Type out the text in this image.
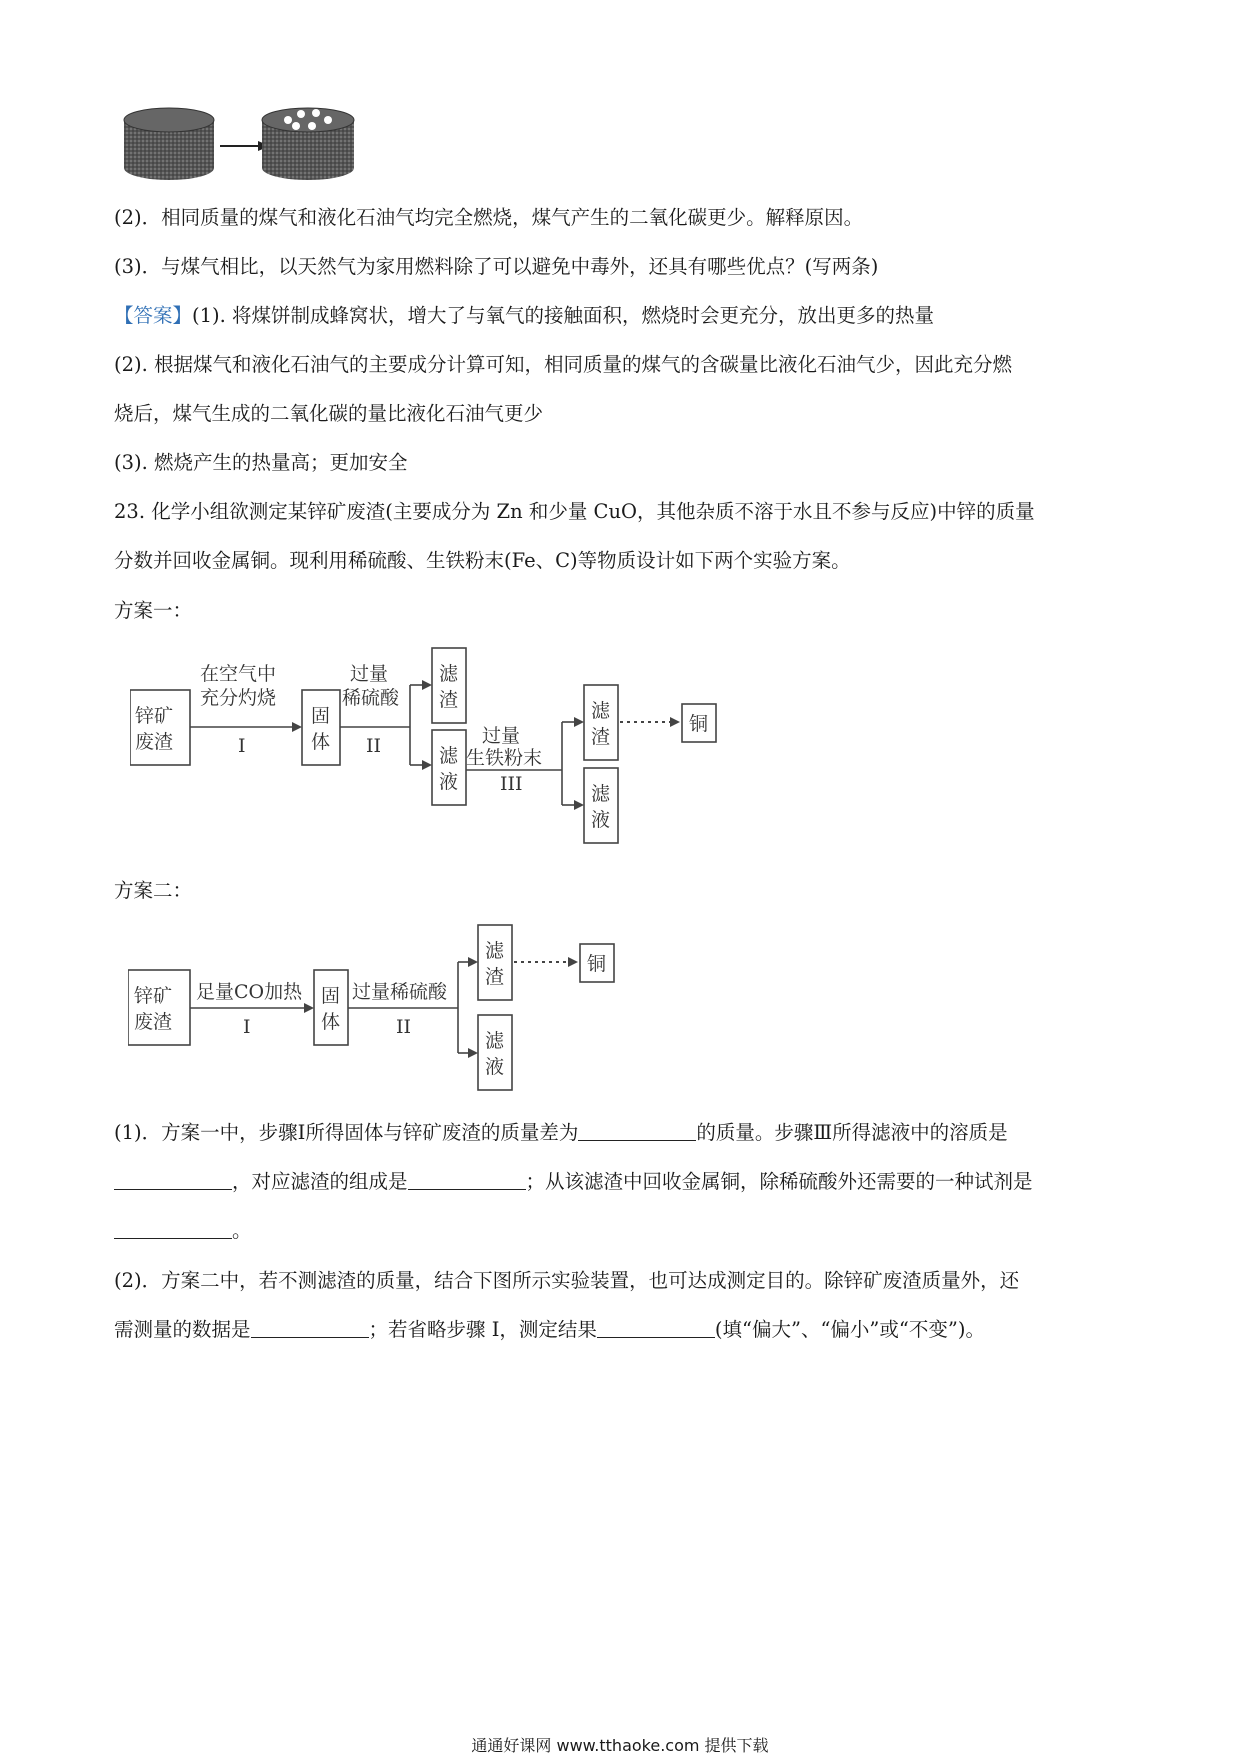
(2)．相同质量的煤气和液化石油气均完全燃烧，煤气产生的二氧化碳更少。解释原因。
(3)．与煤气相比，以天然气为家用燃料除了可以避免中毒外，还具有哪些优点？(写两条)
【答案】(1). 将煤饼制成蜂窝状，增大了与氧气的接触面积，燃烧时会更充分，放出更多的热量
(2). 根据煤气和液化石油气的主要成分计算可知，相同质量的煤气的含碳量比液化石油气少，因此充分燃
烧后，煤气生成的二氧化碳的量比液化石油气更少
(3). 燃烧产生的热量高；更加安全
23. 化学小组欲测定某锌矿废渣(主要成分为 Zn 和少量 CuO，其他杂质不溶于水且不参与反应)中锌的质量
分数并回收金属铜。现利用稀硫酸、生铁粉末(Fe、C)等物质设计如下两个实验方案。
方案一：
锌矿
废渣
在空气中
充分灼烧
I
固
体
过量
稀硫酸
II
滤
渣
滤
液
过量
生铁粉末
III
滤
渣
滤
液
铜
方案二：
锌矿
废渣
足量CO加热
I
固
体
过量稀硫酸
II
滤
渣
滤
液
铜
(1)．方案一中，步骤Ⅰ所得固体与锌矿废渣的质量差为	的质量。步骤Ⅲ所得滤液中的溶质是
，对应滤渣的组成是	；从该滤渣中回收金属铜，除稀硫酸外还需要的一种试剂是
。
(2)．方案二中，若不测滤渣的质量，结合下图所示实验装置，也可达成测定目的。除锌矿废渣质量外，还
需测量的数据是	；若省略步骤 I，测定结果	(填“偏大”、“偏小”或“不变”)。
通通好课网 www.tthaoke.com 提供下载
